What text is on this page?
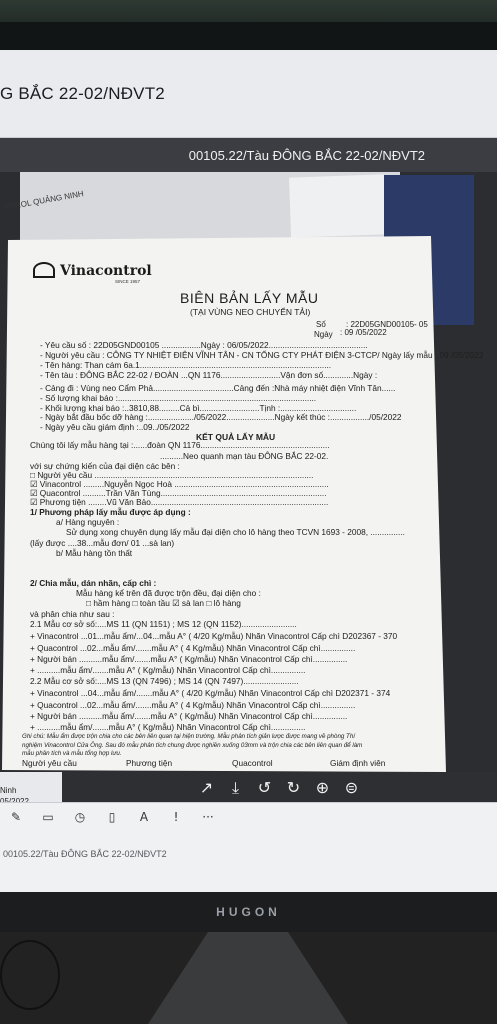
G BẮC 22-02/NĐVT2
00105.22/Tàu ĐÔNG BẮC 22-02/NĐVT2
NTROL QUẢNG NINH
Vinacontrol
SINCE 1957
BIÊN BẢN LẤY MẪU
(TẠI VÙNG NEO CHUYỂN TẢI)
Số	: 22D05GND00105- 05
Ngày : 09 /05/2022
KẾT QUẢ LẤY MẪU
- Yêu cầu số : 22D05GND00105 .................Ngày : 06/05/2022...........................................
- Người yêu cầu : CÔNG TY NHIỆT ĐIỆN VĨNH TÂN - CN TỔNG CTY PHÁT ĐIỆN 3-CTCP/ Ngày lấy mẫu : 09 /05/2022
- Tên hàng: Than cám 6a.1...................................................................................
- Tên tàu : ĐÔNG BẮC 22-02 / ĐOÀN ...QN 1176..........................Vận đơn số.............Ngày :
- Cảng đi : Vùng neo Cẩm Phả...................................Cảng đến :Nhà máy nhiệt điện Vĩnh Tân......
- Số lượng khai báo :......................................................................................
- Khối lượng khai báo :..3810,88.........Cả bì..........................Tịnh :.................................
- Ngày bắt đầu bốc dỡ hàng :..................../05/2022.....................Ngày kết thúc :................./05/2022
- Ngày yêu cầu giám định :..09../05/2022
Chúng tôi lấy mẫu hàng tại :......đoàn QN 1176........................................................
..........Neo quanh mạn tàu ĐÔNG BẮC 22-02.
với sự chứng kiến của đại diện các bên :
□ Người yêu cầu ...............................................................................................
☑ Vinacontrol .........Nguyễn Ngọc Hoà ...................................................................
☑ Quacontrol ..........Trần Văn Tùng........................................................................
☑ Phương tiện ........Vũ Văn Bảo.............................................................................
1/ Phương pháp lấy mẫu được áp dụng :
a/ Hàng nguyên :
Sử dụng xong chuyên dụng lấy mẫu đại diện cho lô hàng theo TCVN 1693 - 2008, ...............
(lấy được ....38...mẫu đơn/ 01 ...sà lan)
b/ Mẫu hàng tồn thất
2/ Chia mẫu, dán nhãn, cấp chì :
Mẫu hàng kể trên đã được trộn đều, đại diện cho :
□ hầm hàng □ toàn tầu ☑ sà lan □ lô hàng
và phân chia như sau :
2.1 Mẫu cơ sở số:....MS 11 (QN 1151) ; MS 12 (QN 1152)........................
+ Vinacontrol ...01...mẫu ẩm/...04...mẫu A° ( 4/20 Kg/mẫu) Nhãn Vinacontrol Cấp chì D202367 - 370
+ Quacontrol ...02...mẫu ẩm/.......mẫu A° ( 4 Kg/mẫu) Nhãn Vinacontrol Cấp chì...............
+ Người bán ..........mẫu ẩm/.......mẫu A° ( Kg/mẫu) Nhãn Vinacontrol Cấp chì...............
+ ..........mẫu ẩm/.......mẫu A° ( Kg/mẫu) Nhãn Vinacontrol Cấp chì...............
2.2 Mẫu cơ sở số:....MS 13 (QN 7496) ; MS 14 (QN 7497)........................
+ Vinacontrol ...04...mẫu ẩm/.......mẫu A° ( 4/20 Kg/mẫu) Nhãn Vinacontrol Cấp chì D202371 - 374
+ Quacontrol ...02...mẫu ẩm/.......mẫu A° ( 4 Kg/mẫu) Nhãn Vinacontrol Cấp chì...............
+ Người bán ..........mẫu ẩm/.......mẫu A° ( Kg/mẫu) Nhãn Vinacontrol Cấp chì...............
+ ..........mẫu ẩm/.......mẫu A° ( Kg/mẫu) Nhãn Vinacontrol Cấp chì...............
Ghi chú: Mẫu ẩm được trộn chia cho các bên liên quan tại hiện trường. Mẫu phân tích giản lược được mang về phòng Thí
nghiệm Vinacontrol Cửa Ông. Sau đó mẫu phân tích chung được nghiền xuống 03mm và trộn chia các bên liên quan để làm
mẫu phân tích và mẫu tổng hợp lưu.
Người yêu cầu	Phương tiện	Quacontrol	Giám định viên
↗	⤓	↺ ↻ ⊕ ⊜
Ninh
✎	▭	◷	▯	A	!	···
00105.22/Tàu ĐÔNG BẮC 22-02/NĐVT2
HUGON
